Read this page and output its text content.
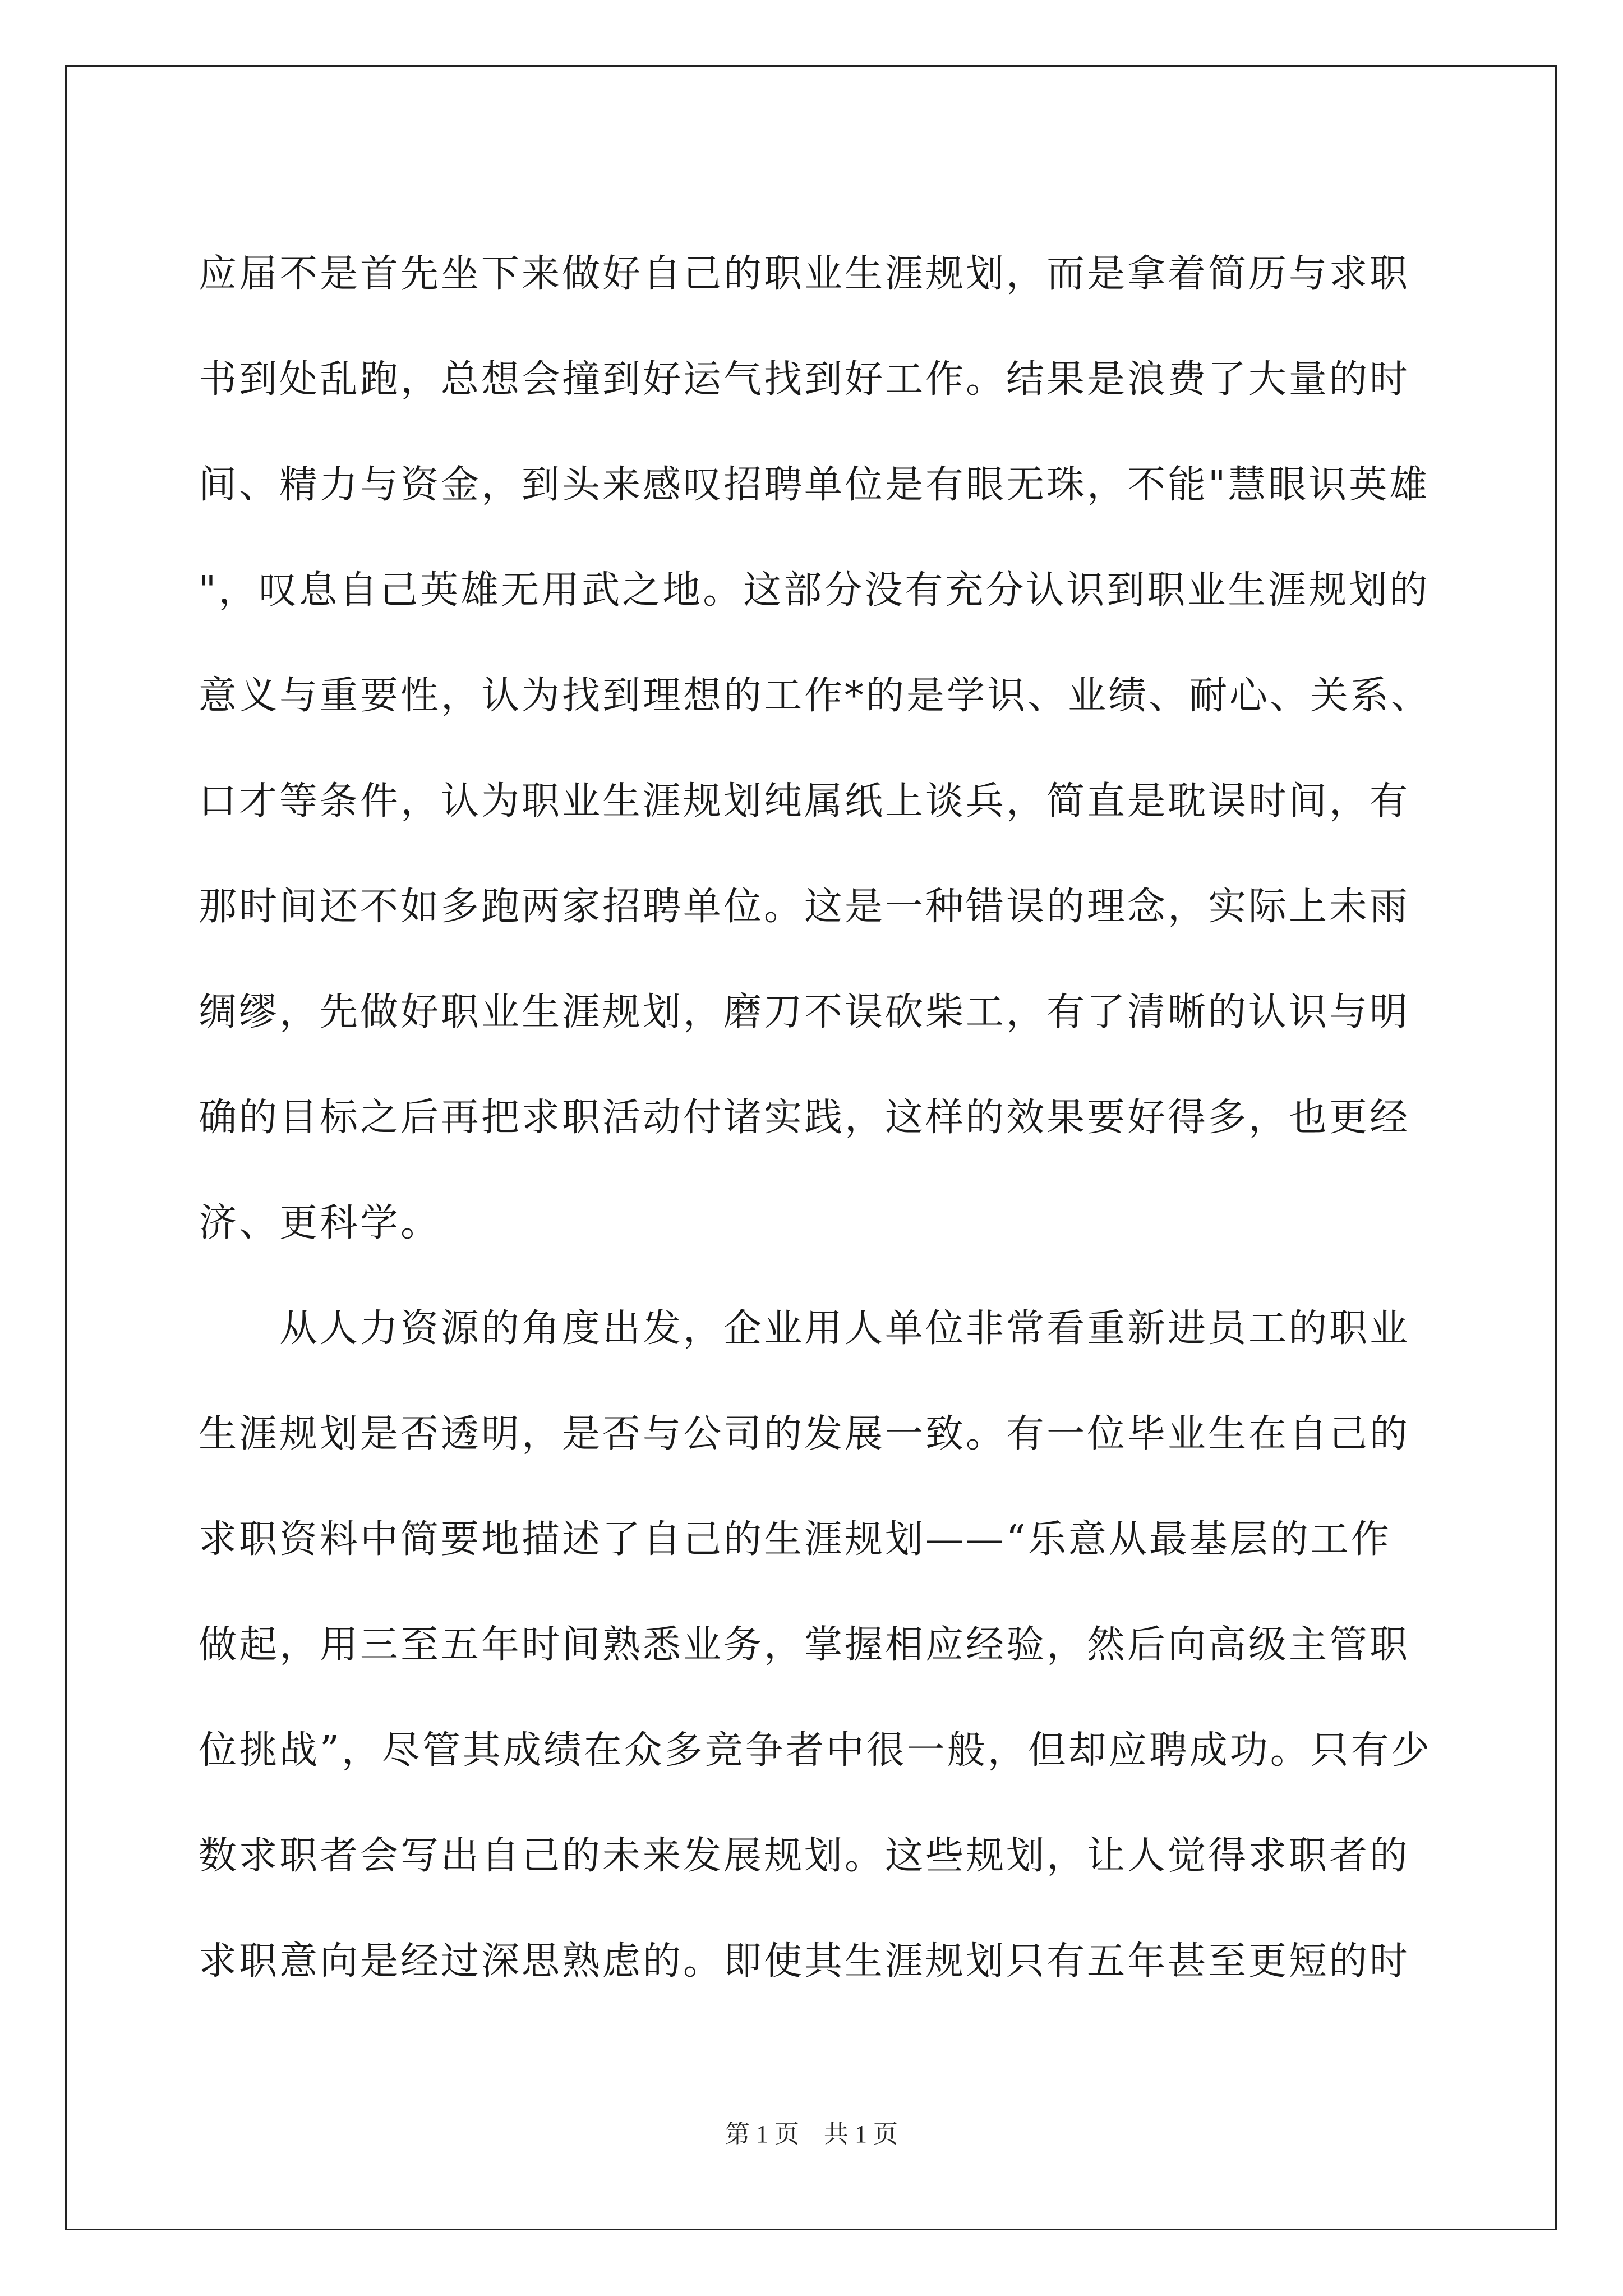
应届不是首先坐下来做好自己的职业生涯规划，而是拿着简历与求职
书到处乱跑，总想会撞到好运气找到好工作。结果是浪费了大量的时
间、精力与资金，到头来感叹招聘单位是有眼无珠，不能"慧眼识英雄
"，叹息自己英雄无用武之地。这部分没有充分认识到职业生涯规划的
意义与重要性，认为找到理想的工作*的是学识、业绩、耐心、关系、
口才等条件，认为职业生涯规划纯属纸上谈兵，简直是耽误时间，有
那时间还不如多跑两家招聘单位。这是一种错误的理念，实际上未雨
绸缪，先做好职业生涯规划，磨刀不误砍柴工，有了清晰的认识与明
确的目标之后再把求职活动付诸实践，这样的效果要好得多，也更经
济、更科学。
从人力资源的角度出发，企业用人单位非常看重新进员工的职业
生涯规划是否透明，是否与公司的发展一致。有一位毕业生在自己的
求职资料中简要地描述了自己的生涯规划——“乐意从最基层的工作
做起，用三至五年时间熟悉业务，掌握相应经验，然后向高级主管职
位挑战”，尽管其成绩在众多竞争者中很一般，但却应聘成功。只有少
数求职者会写出自己的未来发展规划。这些规划，让人觉得求职者的
求职意向是经过深思熟虑的。即使其生涯规划只有五年甚至更短的时
第 1 页　共 1 页
